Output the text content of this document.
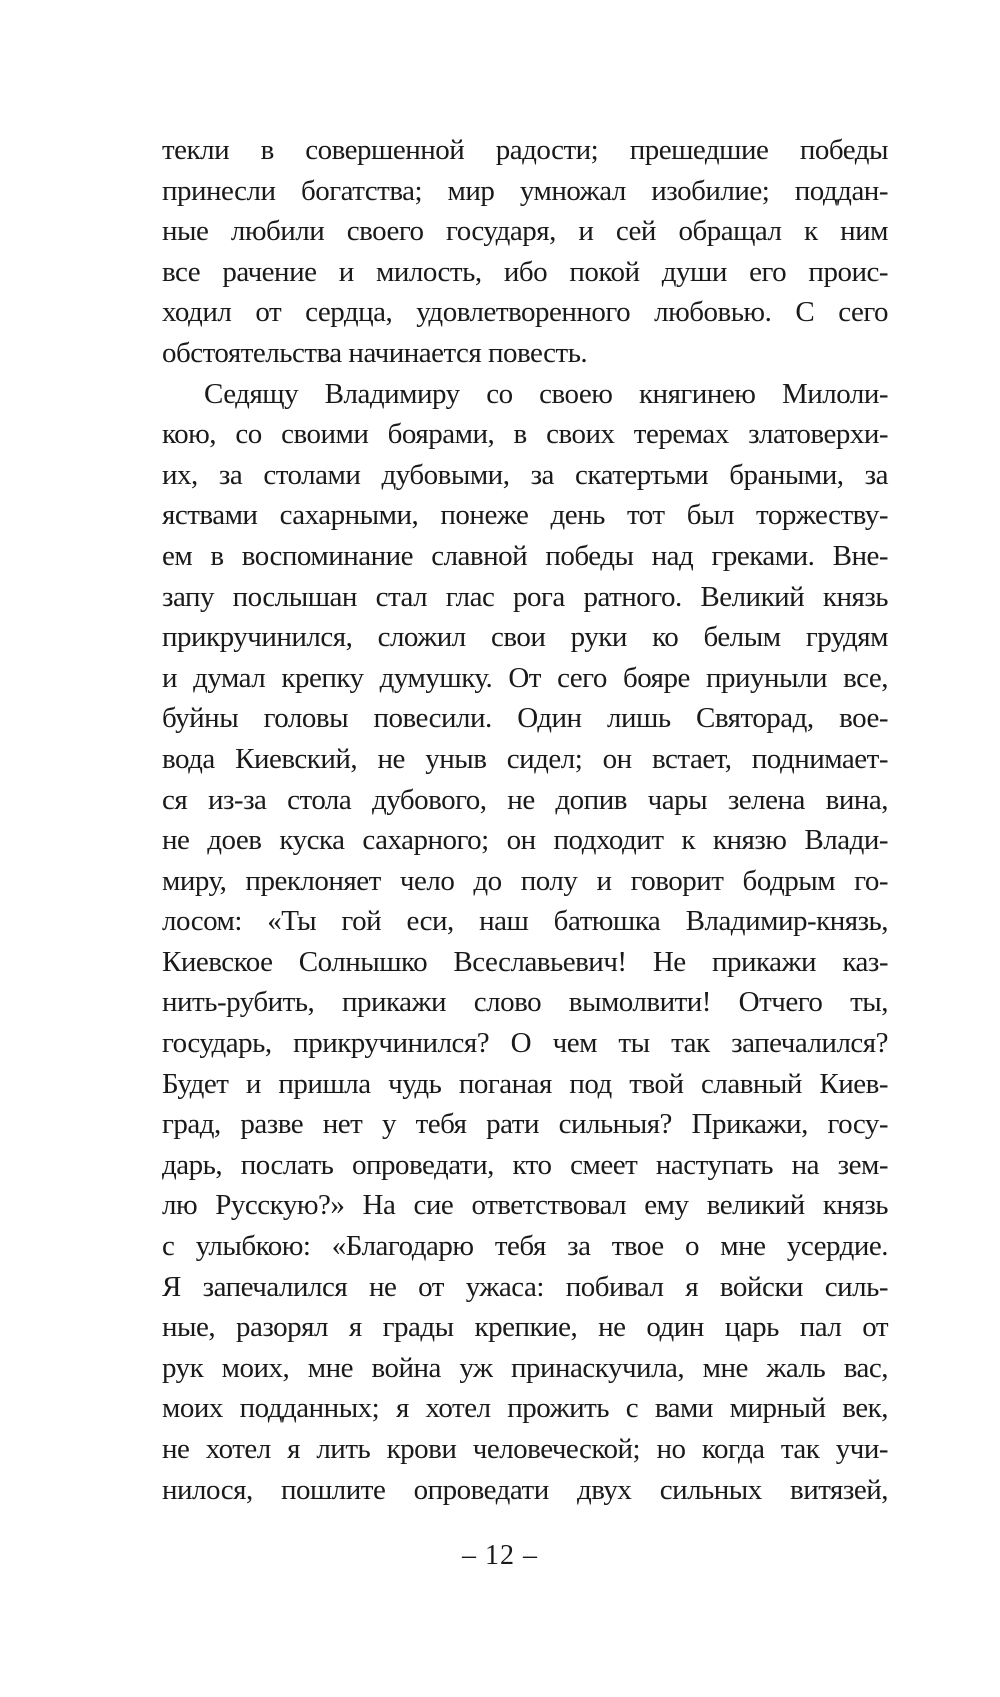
текли в совершенной радости; прешедшие победы
принесли богатства; мир умножал изобилие; поддан-
ные любили своего государя, и сей обращал к ним
все рачение и милость, ибо покой души его проис-
ходил от сердца, удовлетворенного любовью. С сего
обстоятельства начинается повесть.
Седящу Владимиру со своею княгинею Милоли-
кою, со своими боярами, в своих теремах златоверхи-
их, за столами дубовыми, за скатертьми браными, за
яствами сахарными, понеже день тот был торжеству-
ем в воспоминание славной победы над греками. Вне-
запу послышан стал глас рога ратного. Великий князь
прикручинился, сложил свои руки ко белым грудям
и думал крепку думушку. От сего бояре приуныли все,
буйны головы повесили. Один лишь Святорад, вое-
вода Киевский, не уныв сидел; он встает, поднимает-
ся из-за стола дубового, не допив чары зелена вина,
не доев куска сахарного; он подходит к князю Влади-
миру, преклоняет чело до полу и говорит бодрым го-
лосом: «Ты гой еси, наш батюшка Владимир-князь,
Киевское Солнышко Всеславьевич! Не прикажи каз-
нить-рубить, прикажи слово вымолвити! Отчего ты,
государь, прикручинился? О чем ты так запечалился?
Будет и пришла чудь поганая под твой славный Киев-
град, разве нет у тебя рати сильныя? Прикажи, госу-
дарь, послать опроведати, кто смеет наступать на зем-
лю Русскую?» На сие ответствовал ему великий князь
с улыбкою: «Благодарю тебя за твое о мне усердие.
Я запечалился не от ужаса: побивал я войски силь-
ные, разорял я грады крепкие, не один царь пал от
рук моих, мне война уж принаскучила, мне жаль вас,
моих подданных; я хотел прожить с вами мирный век,
не хотел я лить крови человеческой; но когда так учи-
нилося, пошлите опроведати двух сильных витязей,
– 12 –
